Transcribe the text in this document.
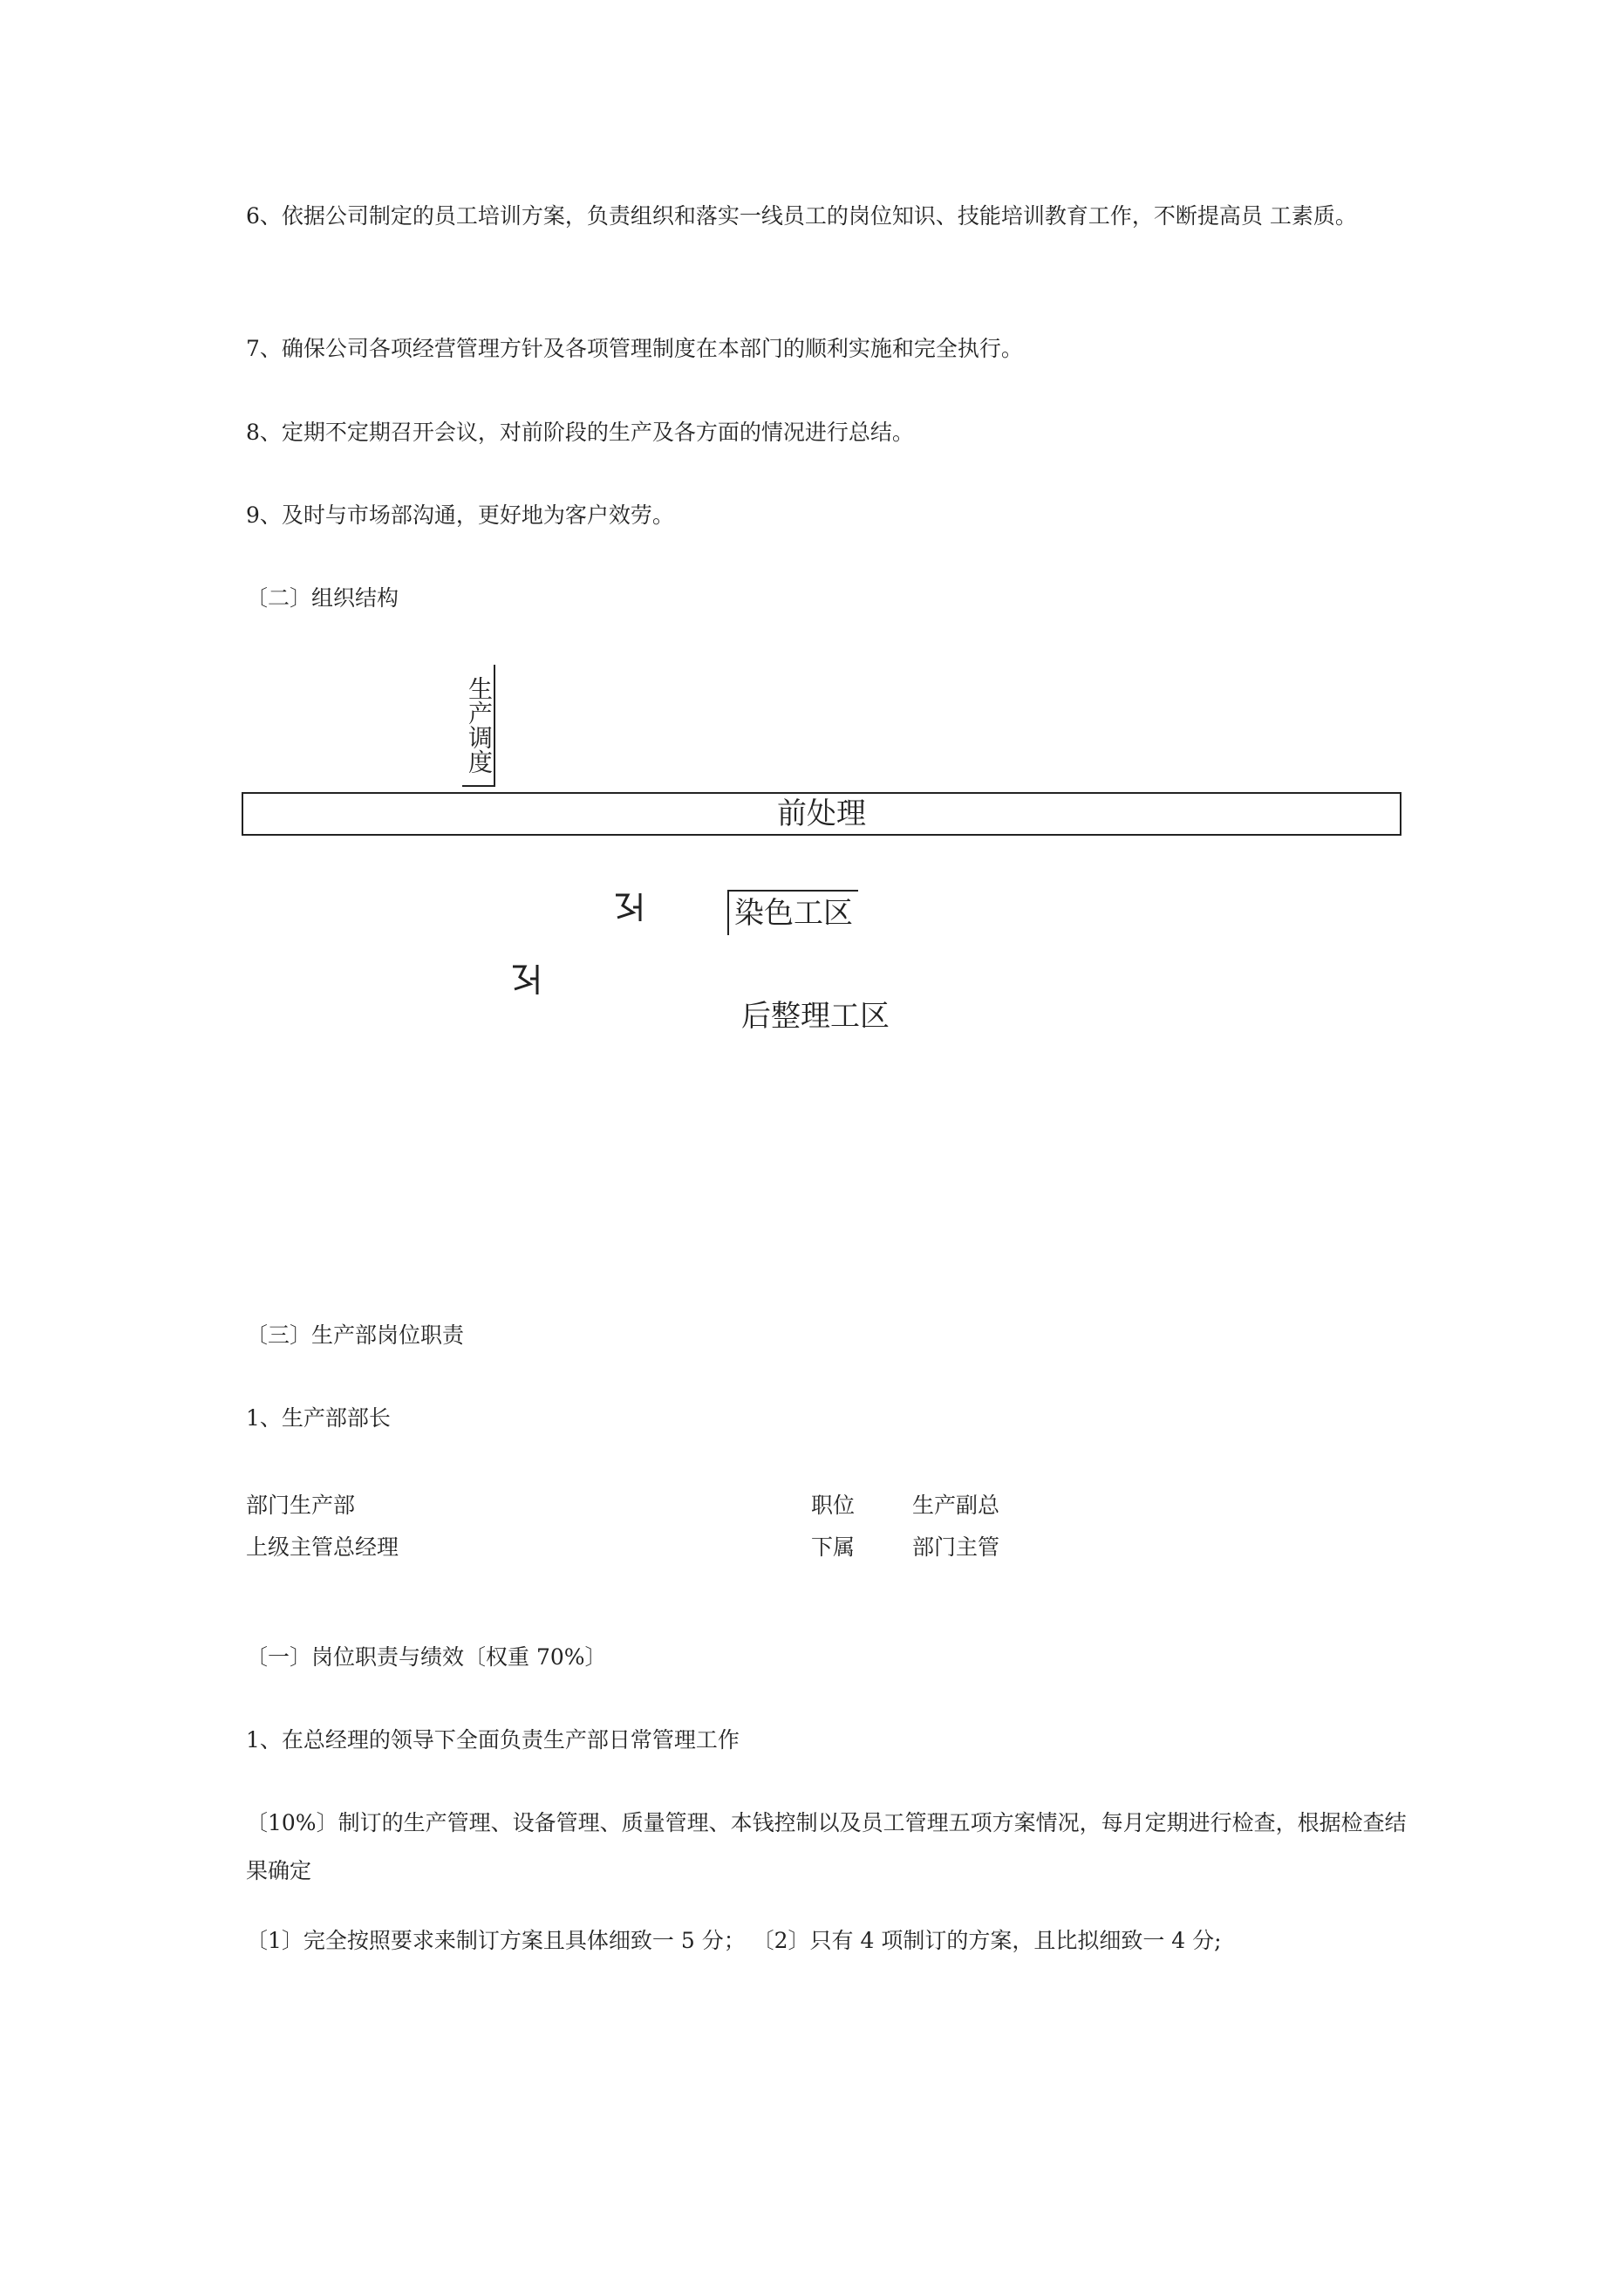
6、依据公司制定的员工培训方案，负责组织和落实一线员工的岗位知识、技能培训教育工作，不断提高员 工素质。

7、确保公司各项经营管理方针及各项管理制度在本部门的顺利实施和完全执行。

8、定期不定期召开会议，对前阶段的生产及各方面的情况进行总结。

9、及时与市场部沟通，更好地为客户效劳。

〔二〕组织结构

生产调度
前处理
染色工区
后整理工区

〔三〕生产部岗位职责

1、生产部部长

部门生产部	职位	生产副总
上级主管总经理	下属	部门主管

〔一〕岗位职责与绩效〔权重 70%〕

1、在总经理的领导下全面负责生产部日常管理工作

〔10%〕制订的生产管理、设备管理、质量管理、本钱控制以及员工管理五项方案情况，每月定期进行检查，根据检查结果确定

〔1〕完全按照要求来制订方案且具体细致一 5 分； 〔2〕只有 4 项制订的方案，且比拟细致一 4 分;
